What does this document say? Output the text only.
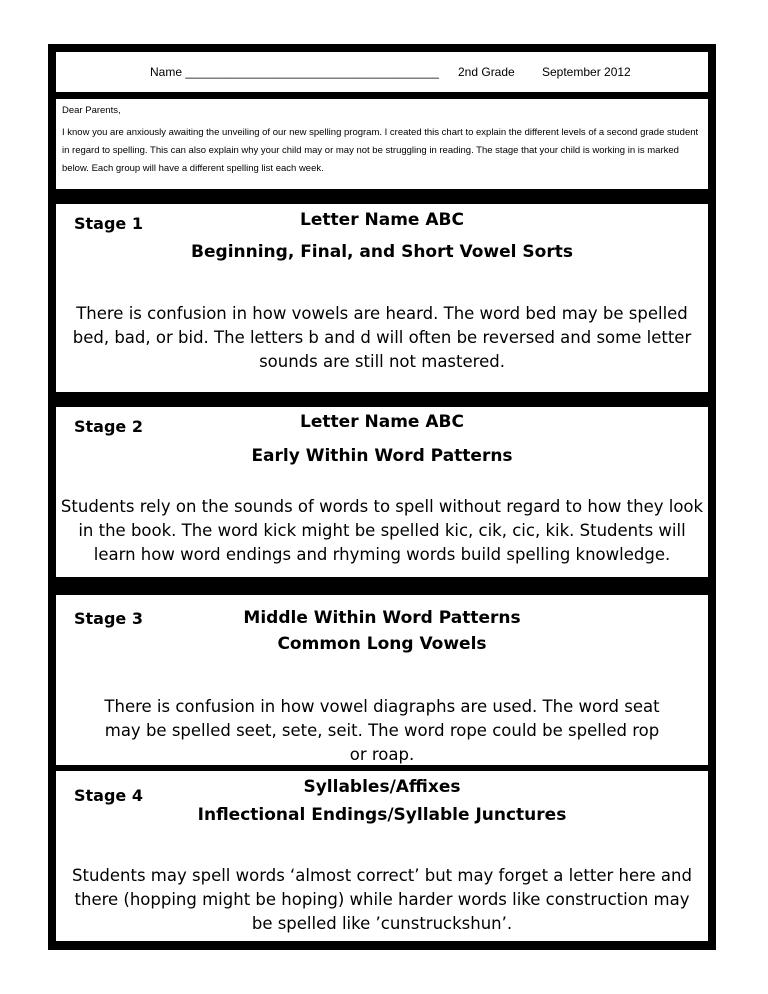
Name ______________________________________ 2nd Grade September 2012
Dear Parents,
I know you are anxiously awaiting the unveiling of our new spelling program. I created this chart to explain the different levels of a second grade student in regard to spelling. This can also explain why your child may or may not be struggling in reading. The stage that your child is working in is marked below. Each group will have a different spelling list each week.
Stage 1	Letter Name ABC
Beginning, Final, and Short Vowel Sorts
There is confusion in how vowels are heard. The word bed may be spelled bed, bad, or bid. The letters b and d will often be reversed and some letter sounds are still not mastered.
Stage 2	Letter Name ABC
Early Within Word Patterns
Students rely on the sounds of words to spell without regard to how they look in the book. The word kick might be spelled kic, cik, cic, kik. Students will learn how word endings and rhyming words build spelling knowledge.
Stage 3	Middle Within Word Patterns
Common Long Vowels
There is confusion in how vowel diagraphs are used. The word seat may be spelled seet, sete, seit. The word rope could be spelled rop or roap.
Stage 4	Syllables/Affixes
Inflectional Endings/Syllable Junctures
Students may spell words ‘almost correct’ but may forget a letter here and there (hopping might be hoping) while harder words like construction may be spelled like ’cunstruckshun’.
